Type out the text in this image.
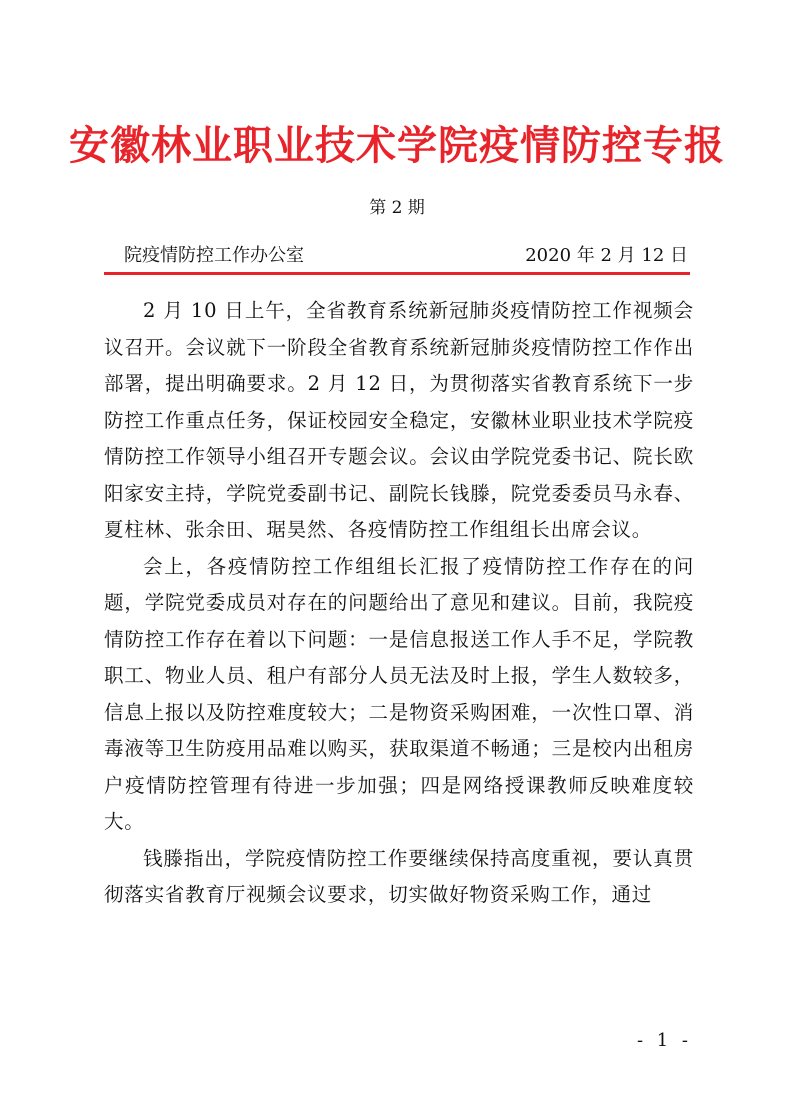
安徽林业职业技术学院疫情防控专报
第 2 期
院疫情防控工作办公室	2020 年 2 月 12 日

2 月 10 日上午，全省教育系统新冠肺炎疫情防控工作视频会议召开。会议就下一阶段全省教育系统新冠肺炎疫情防控工作作出部署，提出明确要求。2 月 12 日，为贯彻落实省教育系统下一步防控工作重点任务，保证校园安全稳定，安徽林业职业技术学院疫情防控工作领导小组召开专题会议。会议由学院党委书记、院长欧阳家安主持，学院党委副书记、副院长钱滕，院党委委员马永春、夏柱林、张余田、琚昊然、各疫情防控工作组组长出席会议。

会上，各疫情防控工作组组长汇报了疫情防控工作存在的问题，学院党委成员对存在的问题给出了意见和建议。目前，我院疫情防控工作存在着以下问题：一是信息报送工作人手不足，学院教职工、物业人员、租户有部分人员无法及时上报，学生人数较多，信息上报以及防控难度较大；二是物资采购困难，一次性口罩、消毒液等卫生防疫用品难以购买，获取渠道不畅通；三是校内出租房户疫情防控管理有待进一步加强；四是网络授课教师反映难度较大。

钱滕指出，学院疫情防控工作要继续保持高度重视，要认真贯彻落实省教育厅视频会议要求，切实做好物资采购工作，通过

- 1 -
